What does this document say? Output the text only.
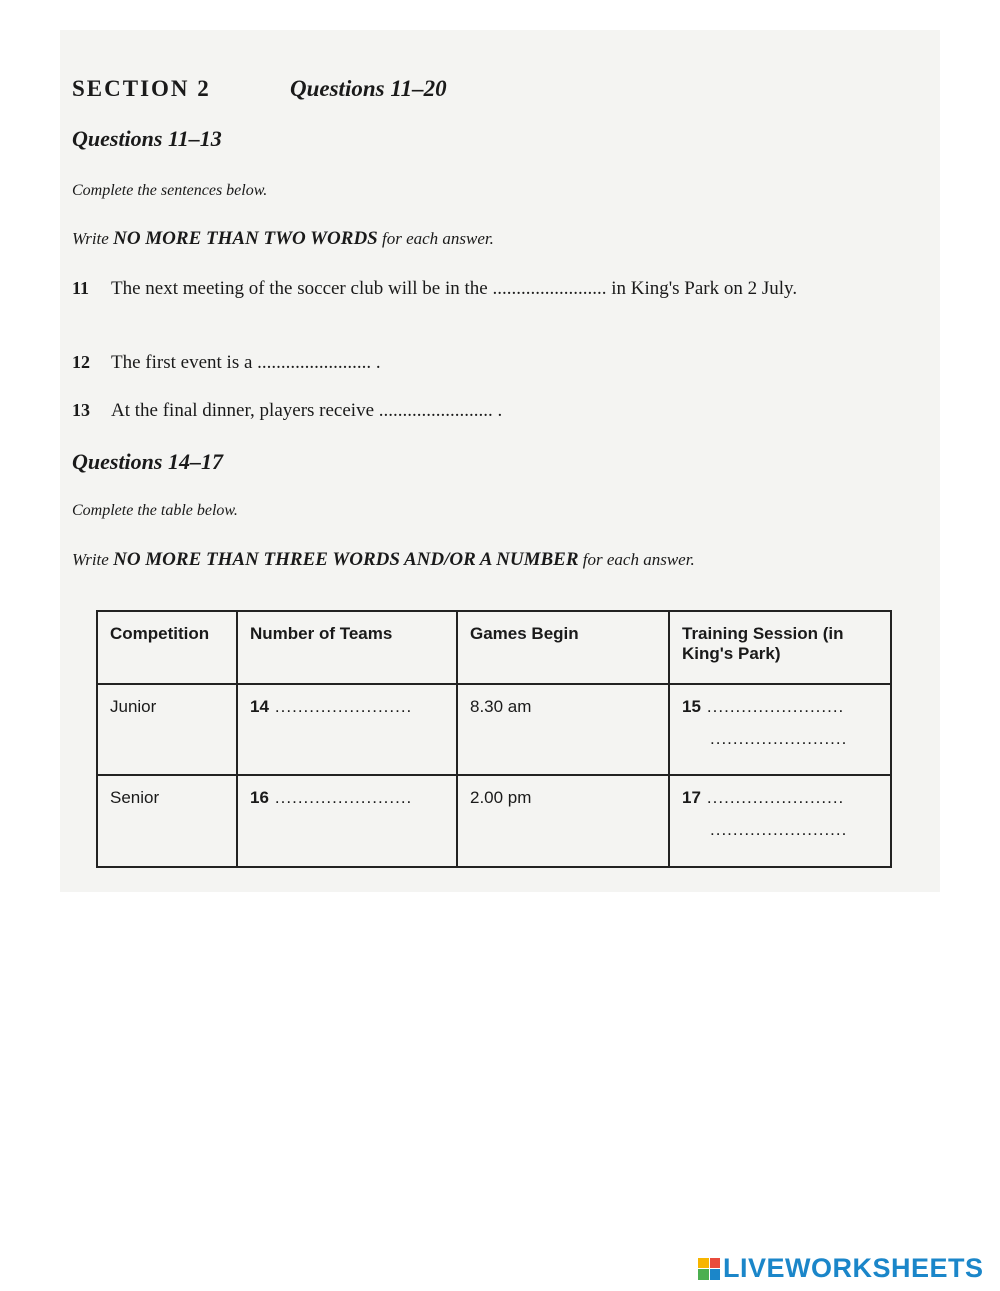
SECTION 2	Questions 11–20
Questions 11–13
Complete the sentences below.
Write NO MORE THAN TWO WORDS for each answer.
11 The next meeting of the soccer club will be in the ........................ in King's Park on 2 July.
12 The first event is a ........................ .
13 At the final dinner, players receive ........................ .
Questions 14–17
Complete the table below.
Write NO MORE THAN THREE WORDS AND/OR A NUMBER for each answer.
Competition	Number of Teams	Games Begin	Training Session (in King's Park)
Junior	14 ........................	8.30 am	15 ........................
........................

Senior	16 ........................	2.00 pm	17 ........................
........................
LIVEWORKSHEETS
